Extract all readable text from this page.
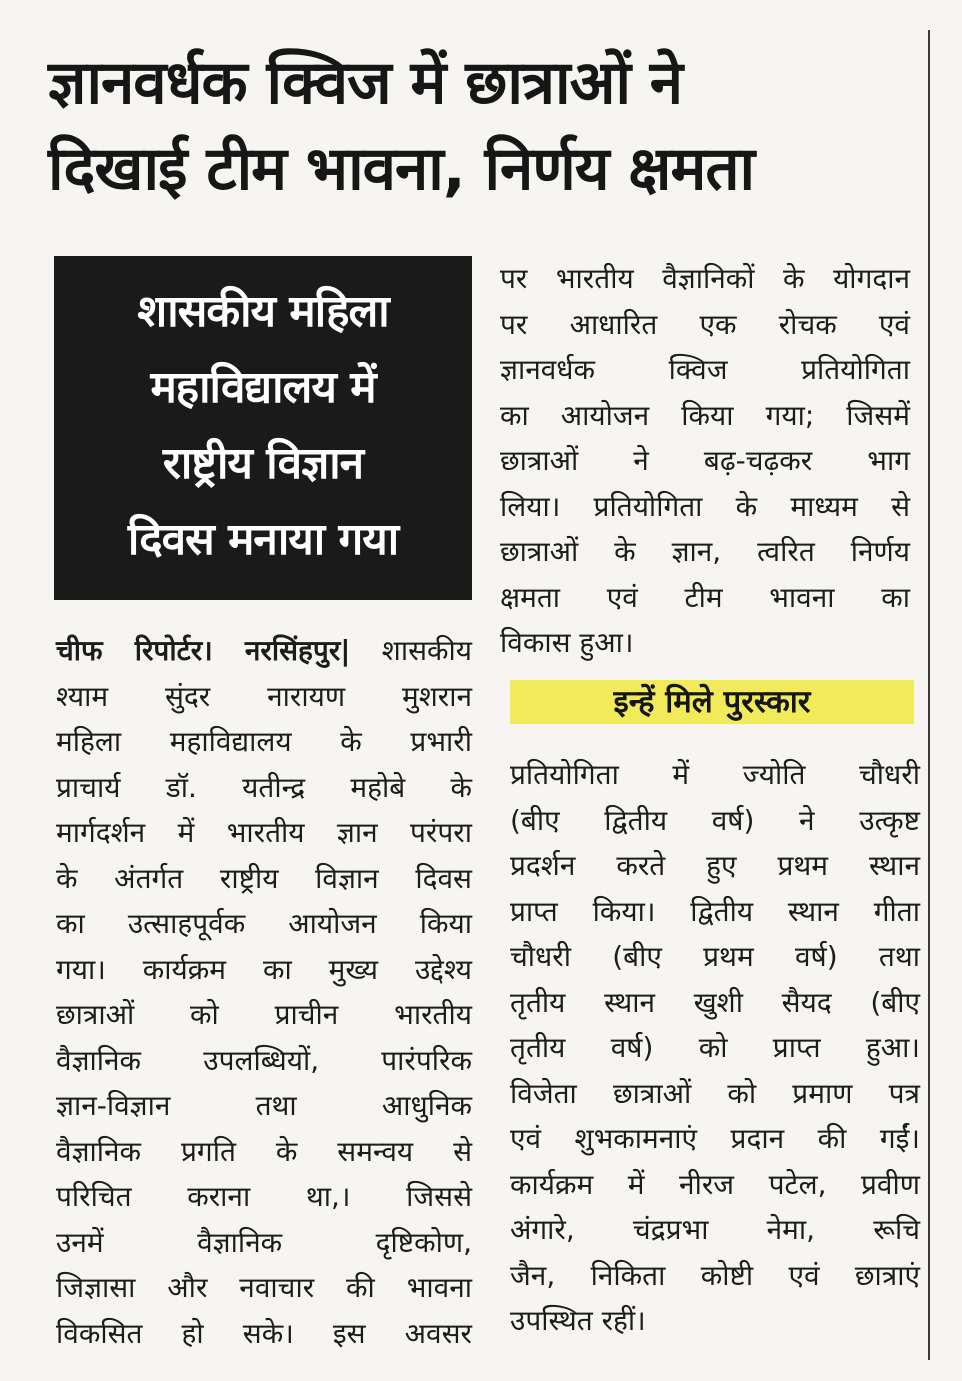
ज्ञानवर्धक क्विज में छात्राओं ने
दिखाई टीम भावना, निर्णय क्षमता
शासकीय महिला
महाविद्यालय में
राष्ट्रीय विज्ञान
दिवस मनाया गया
चीफ रिपोर्टर। नरसिंहपुर| शासकीय
श्याम सुंदर नारायण मुशरान
महिला महाविद्यालय के प्रभारी
प्राचार्य डॉ. यतीन्द्र महोबे के
मार्गदर्शन में भारतीय ज्ञान परंपरा
के अंतर्गत राष्ट्रीय विज्ञान दिवस
का उत्साहपूर्वक आयोजन किया
गया। कार्यक्रम का मुख्य उद्देश्य
छात्राओं को प्राचीन भारतीय
वैज्ञानिक उपलब्धियों, पारंपरिक
ज्ञान-विज्ञान तथा आधुनिक
वैज्ञानिक प्रगति के समन्वय से
परिचित कराना था,। जिससे
उनमें वैज्ञानिक दृष्टिकोण,
जिज्ञासा और नवाचार की भावना
विकसित हो सके। इस अवसर
पर भारतीय वैज्ञानिकों के योगदान
पर आधारित एक रोचक एवं
ज्ञानवर्धक क्विज प्रतियोगिता
का आयोजन किया गया; जिसमें
छात्राओं ने बढ़-चढ़कर भाग
लिया। प्रतियोगिता के माध्यम से
छात्राओं के ज्ञान, त्वरित निर्णय
क्षमता एवं टीम भावना का
विकास हुआ।
इन्हें मिले पुरस्कार
प्रतियोगिता में ज्योति चौधरी
(बीए द्वितीय वर्ष) ने उत्कृष्ट
प्रदर्शन करते हुए प्रथम स्थान
प्राप्त किया। द्वितीय स्थान गीता
चौधरी (बीए प्रथम वर्ष) तथा
तृतीय स्थान खुशी सैयद (बीए
तृतीय वर्ष) को प्राप्त हुआ।
विजेता छात्राओं को प्रमाण पत्र
एवं शुभकामनाएं प्रदान की गईं।
कार्यक्रम में नीरज पटेल, प्रवीण
अंगारे, चंद्रप्रभा नेमा, रूचि
जैन, निकिता कोष्टी एवं छात्राएं
उपस्थित रहीं।
